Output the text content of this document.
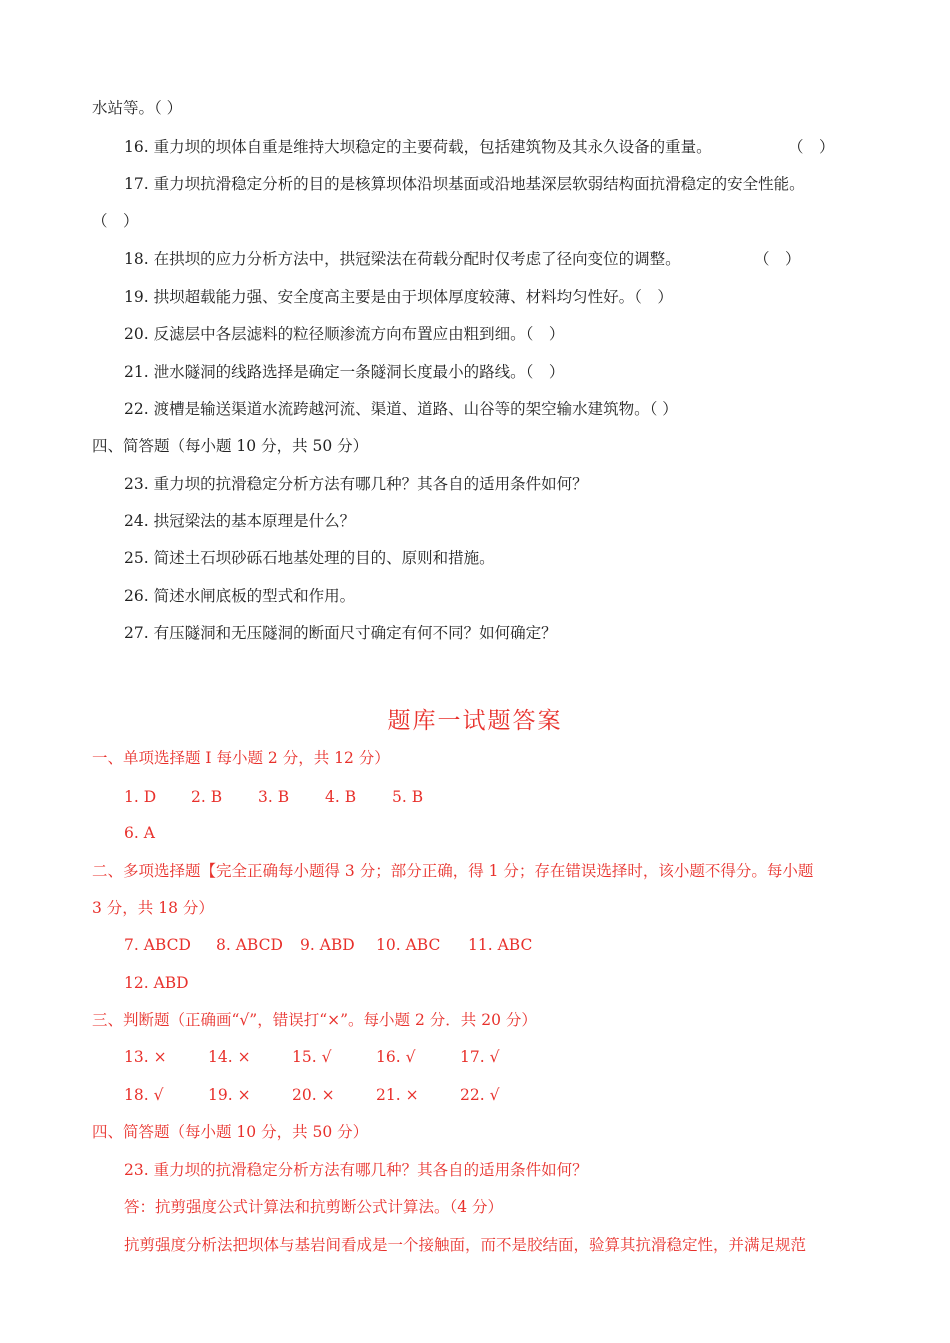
水站等。（ ）
16. 重力坝的坝体自重是维持大坝稳定的主要荷载，包括建筑物及其永久设备的重量。	（　）
17. 重力坝抗滑稳定分析的目的是核算坝体沿坝基面或沿地基深层软弱结构面抗滑稳定的安全性能。
（　）
18. 在拱坝的应力分析方法中，拱冠梁法在荷载分配时仅考虑了径向变位的调整。	（　）
19. 拱坝超载能力强、安全度高主要是由于坝体厚度较薄、材料均匀性好。（　）
20. 反滤层中各层滤料的粒径顺渗流方向布置应由粗到细。（　）
21. 泄水隧洞的线路选择是确定一条隧洞长度最小的路线。（　）
22. 渡槽是输送渠道水流跨越河流、渠道、道路、山谷等的架空输水建筑物。（ ）
四、简答题（每小题 10 分，共 50 分）
23. 重力坝的抗滑稳定分析方法有哪几种？其各自的适用条件如何？
24. 拱冠梁法的基本原理是什么？
25. 简述土石坝砂砾石地基处理的目的、原则和措施。
26. 简述水闸底板的型式和作用。
27. 有压隧洞和无压隧洞的断面尺寸确定有何不同？如何确定？
题库一试题答案
一、单项选择题 I 每小题 2 分，共 12 分）
1. D 2. B 3. B 4. B 5. B
6. A
二、多项选择题【完全正确每小题得 3 分；部分正确，得 1 分；存在错误选择时，该小题不得分。每小题
3 分，共 18 分）
7. ABCD 8. ABCD 9. ABD 10. ABC 11. ABC
12. ABD
三、判断题（正确画“√”，错误打“×”。每小题 2 分．共 20 分）
13. ×	14. ×	15. √	16. √	17. √
18. √	19. ×	20. ×	21. ×	22. √
四、简答题（每小题 10 分，共 50 分）
23. 重力坝的抗滑稳定分析方法有哪几种？其各自的适用条件如何？
答：抗剪强度公式计算法和抗剪断公式计算法。（4 分）
抗剪强度分析法把坝体与基岩间看成是一个接触面，而不是胶结面，验算其抗滑稳定性，并满足规范
